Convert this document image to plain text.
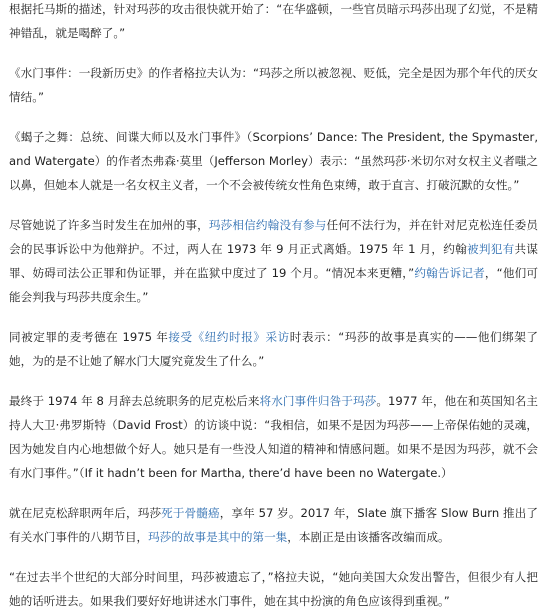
根据托马斯的描述，针对玛莎的攻击很快就开始了：“在华盛顿，一些官员暗示玛莎出现了幻觉，不是精神错乱，就是喝醉了。”

《水门事件：一段新历史》的作者格拉夫认为：“玛莎之所以被忽视、贬低，完全是因为那个年代的厌女情结。”

《蝎子之舞：总统、间谍大师以及水门事件》（Scorpions’ Dance: The President, the Spymaster, and Watergate）的作者杰弗森·莫里（Jefferson Morley）表示：“虽然玛莎·米切尔对女权主义者嗤之以鼻，但她本人就是一名女权主义者，一个不会被传统女性角色束缚，敢于直言、打破沉默的女性。”

尽管她说了许多当时发生在加州的事，玛莎相信约翰没有参与任何不法行为，并在针对尼克松连任委员会的民事诉讼中为他辩护。不过，两人在 1973 年 9 月正式离婚。1975 年 1 月，约翰被判犯有共谋罪、妨碍司法公正罪和伪证罪，并在监狱中度过了 19 个月。“情况本来更糟，”约翰告诉记者，“他们可能会判我与玛莎共度余生。”

同被定罪的麦考德在 1975 年接受《纽约时报》采访时表示：“玛莎的故事是真实的——他们绑架了她，为的是不让她了解水门大厦究竟发生了什么。”

最终于 1974 年 8 月辞去总统职务的尼克松后来将水门事件归咎于玛莎。1977 年，他在和英国知名主持人大卫·弗罗斯特（David Frost）的访谈中说：“我相信，如果不是因为玛莎——上帝保佑她的灵魂，因为她发自内心地想做个好人。她只是有一些没人知道的精神和情感问题。如果不是因为玛莎，就不会有水门事件。”（If it hadn’t been for Martha, there’d have been no Watergate.）

就在尼克松辞职两年后，玛莎死于骨髓癌，享年 57 岁。2017 年，Slate 旗下播客 Slow Burn 推出了有关水门事件的八期节目，玛莎的故事是其中的第一集，本剧正是由该播客改编而成。

“在过去半个世纪的大部分时间里，玛莎被遗忘了，”格拉夫说，“她向美国大众发出警告，但很少有人把她的话听进去。如果我们要好好地讲述水门事件，她在其中扮演的角色应该得到重视。”
